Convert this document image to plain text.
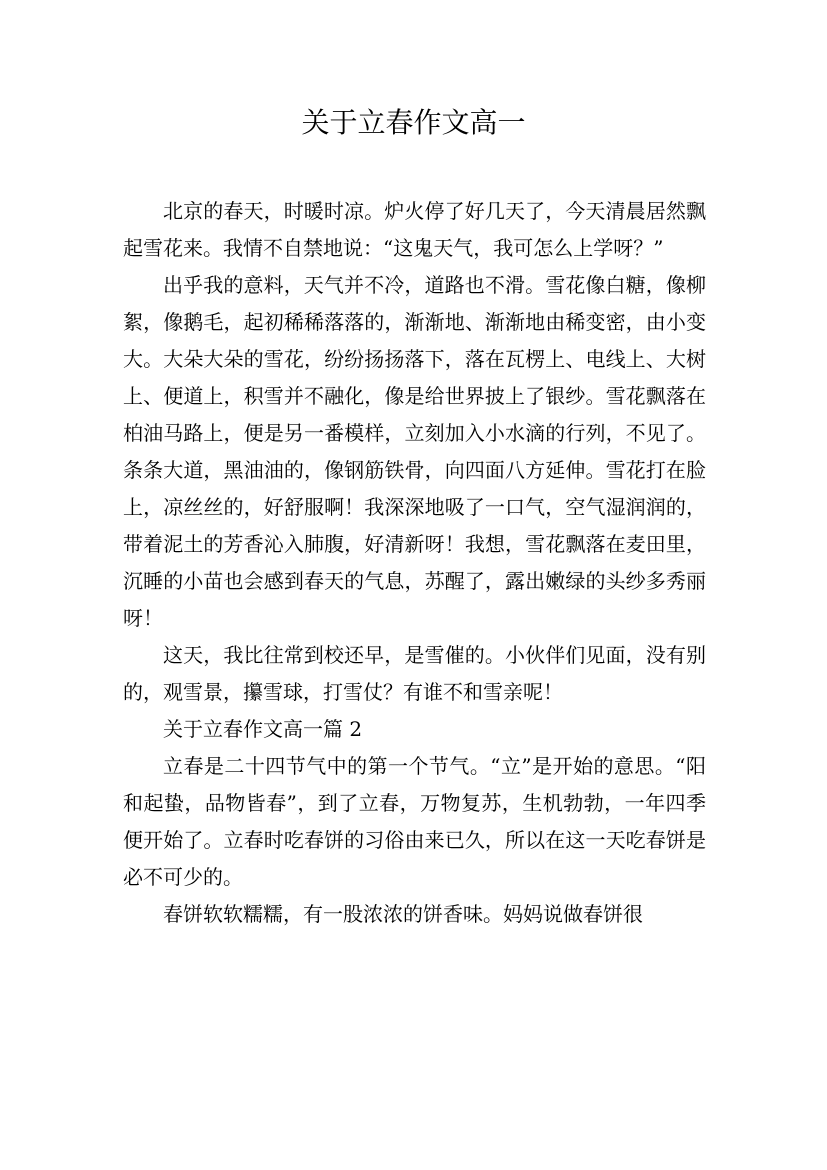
关于立春作文高一

北京的春天，时暖时凉。炉火停了好几天了，今天清晨居然飘起雪花来。我情不自禁地说：“这鬼天气，我可怎么上学呀？”

出乎我的意料，天气并不冷，道路也不滑。雪花像白糖，像柳絮，像鹅毛，起初稀稀落落的，渐渐地、渐渐地由稀变密，由小变大。大朵大朵的雪花，纷纷扬扬落下，落在瓦楞上、电线上、大树上、便道上，积雪并不融化，像是给世界披上了银纱。雪花飘落在柏油马路上，便是另一番模样，立刻加入小水滴的行列，不见了。条条大道，黑油油的，像钢筋铁骨，向四面八方延伸。雪花打在脸上，凉丝丝的，好舒服啊！我深深地吸了一口气，空气湿润润的，带着泥土的芳香沁入肺腹，好清新呀！我想，雪花飘落在麦田里，沉睡的小苗也会感到春天的气息，苏醒了，露出嫩绿的头纱多秀丽呀！

这天，我比往常到校还早，是雪催的。小伙伴们见面，没有别的，观雪景，攥雪球，打雪仗？有谁不和雪亲呢！

关于立春作文高一篇 2

立春是二十四节气中的第一个节气。“立”是开始的意思。“阳和起蛰，品物皆春”，到了立春，万物复苏，生机勃勃，一年四季便开始了。立春时吃春饼的习俗由来已久，所以在这一天吃春饼是必不可少的。

春饼软软糯糯，有一股浓浓的饼香味。妈妈说做春饼很
